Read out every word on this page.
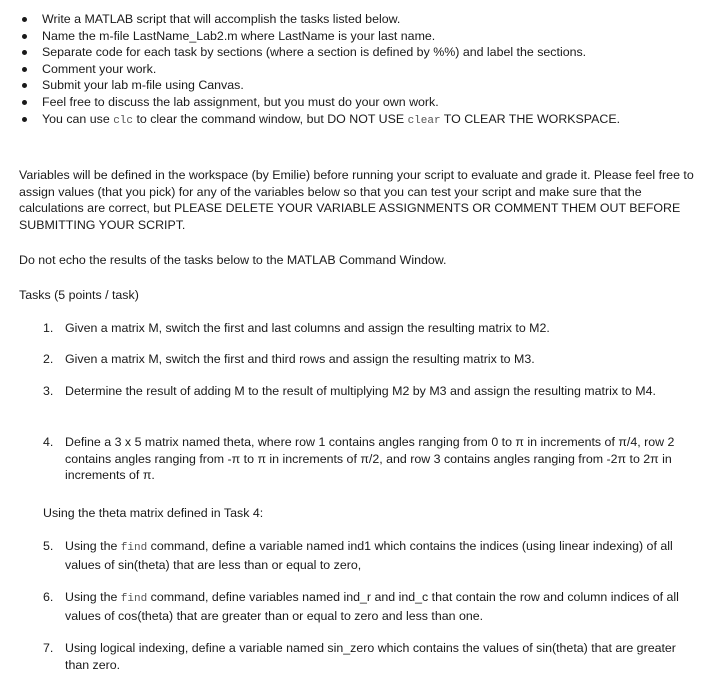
Write a MATLAB script that will accomplish the tasks listed below.
Name the m-file LastName_Lab2.m where LastName is your last name.
Separate code for each task by sections (where a section is defined by %%) and label the sections.
Comment your work.
Submit your lab m-file using Canvas.
Feel free to discuss the lab assignment, but you must do your own work.
You can use clc to clear the command window, but DO NOT USE clear TO CLEAR THE WORKSPACE.

Variables will be defined in the workspace (by Emilie) before running your script to evaluate and grade it. Please feel free to assign values (that you pick) for any of the variables below so that you can test your script and make sure that the calculations are correct, but PLEASE DELETE YOUR VARIABLE ASSIGNMENTS OR COMMENT THEM OUT BEFORE SUBMITTING YOUR SCRIPT.

Do not echo the results of the tasks below to the MATLAB Command Window.

Tasks (5 points / task)

1. Given a matrix M, switch the first and last columns and assign the resulting matrix to M2.
2. Given a matrix M, switch the first and third rows and assign the resulting matrix to M3.
3. Determine the result of adding M to the result of multiplying M2 by M3 and assign the resulting matrix to M4.
4. Define a 3 x 5 matrix named theta, where row 1 contains angles ranging from 0 to π in increments of π/4, row 2 contains angles ranging from -π to π in increments of π/2, and row 3 contains angles ranging from -2π to 2π in increments of π.

Using the theta matrix defined in Task 4:

5. Using the find command, define a variable named ind1 which contains the indices (using linear indexing) of all values of sin(theta) that are less than or equal to zero,
6. Using the find command, define variables named ind_r and ind_c that contain the row and column indices of all values of cos(theta) that are greater than or equal to zero and less than one.
7. Using logical indexing, define a variable named sin_zero which contains the values of sin(theta) that are greater than zero.
